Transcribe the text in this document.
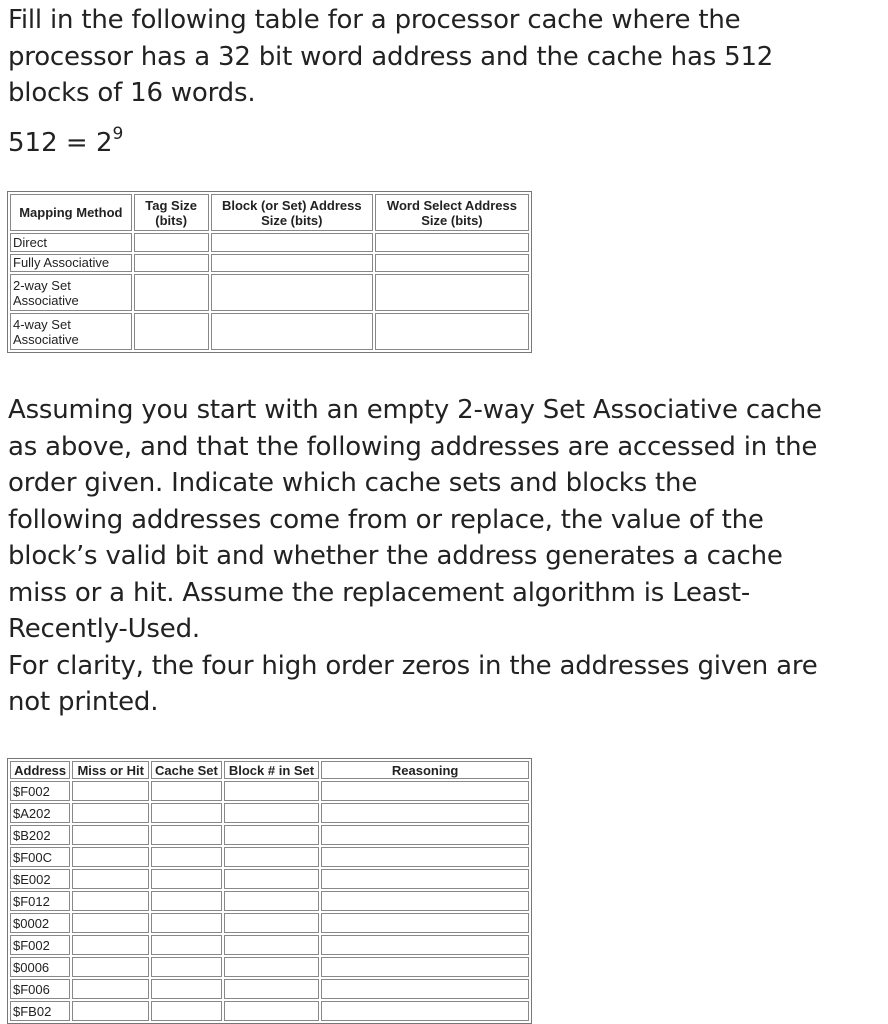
Fill in the following table for a processor cache where the
processor has a 32 bit word address and the cache has 512
blocks of 16 words.
$512 = 2^9$
Mapping Method	Tag Size (bits)	Block (or Set) Address Size (bits)	Word Select Address Size (bits)
Direct			
Fully Associative			
2-way Set Associative			
4-way Set Associative			
Assuming you start with an empty 2-way Set Associative cache
as above, and that the following addresses are accessed in the
order given. Indicate which cache sets and blocks the
following addresses come from or replace, the value of the
block’s valid bit and whether the address generates a cache
miss or a hit. Assume the replacement algorithm is Least-
Recently-Used.
For clarity, the four high order zeros in the addresses given are
not printed.
Address	Miss or Hit	Cache Set	Block # in Set	Reasoning
$F002				
$A202				
$B202				
$F00C				
$E002				
$F012				
$0002				
$F002				
$0006				
$F006				
$FB02				
